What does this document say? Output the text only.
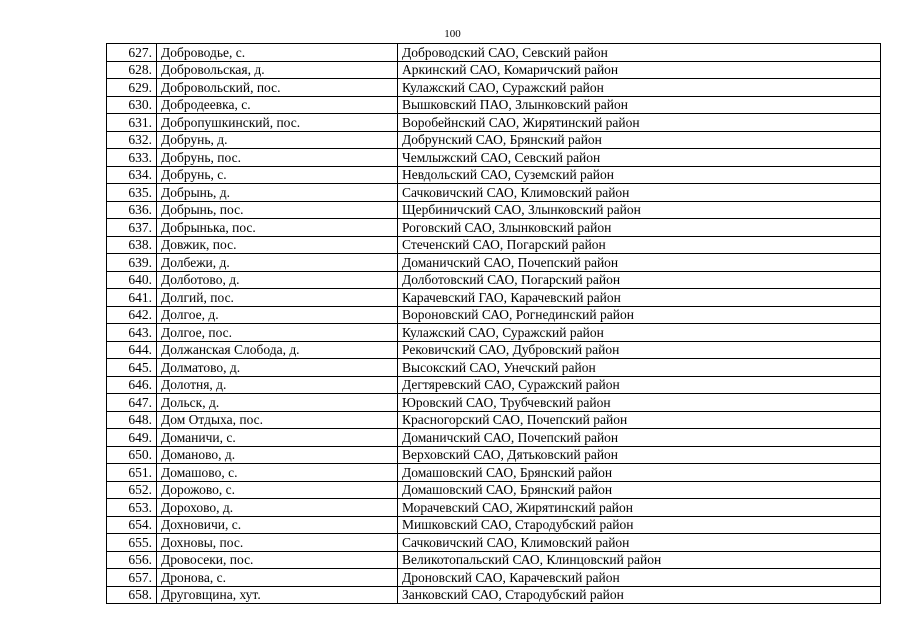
100
627.	Доброводье, с.	Доброводский САО, Севский район
628.	Добровольская, д.	Аркинский САО, Комаричский район
629.	Добровольский, пос.	Кулажский САО, Суражский район
630.	Добродеевка, с.	Вышковский ПАО, Злынковский район
631.	Добропушкинский, пос.	Воробейнский САО, Жирятинский район
632.	Добрунь, д.	Добрунский САО, Брянский район
633.	Добрунь, пос.	Чемлыжский САО, Севский район
634.	Добрунь, с.	Невдольский САО, Суземский район
635.	Добрынь, д.	Сачковичский САО, Климовский район
636.	Добрынь, пос.	Щербиничский САО, Злынковский район
637.	Добрынька, пос.	Роговский САО, Злынковский район
638.	Довжик, пос.	Стеченский САО, Погарский район
639.	Долбежи, д.	Доманичский САО, Почепский район
640.	Долботово, д.	Долботовский САО, Погарский район
641.	Долгий, пос.	Карачевский ГАО, Карачевский район
642.	Долгое, д.	Вороновский САО, Рогнединский район
643.	Долгое, пос.	Кулажский САО, Суражский район
644.	Должанская Слобода, д.	Рековичский САО, Дубровский район
645.	Долматово, д.	Высокский САО, Унечский район
646.	Долотня, д.	Дегтяревский САО, Суражский район
647.	Дольск, д.	Юровский САО, Трубчевский район
648.	Дом Отдыха, пос.	Красногорский САО, Почепский район
649.	Доманичи, с.	Доманичский САО, Почепский район
650.	Доманово, д.	Верховский САО, Дятьковский район
651.	Домашово, с.	Домашовский САО, Брянский район
652.	Дорожово, с.	Домашовский САО, Брянский район
653.	Дорохово, д.	Морачевский САО, Жирятинский район
654.	Дохновичи, с.	Мишковский САО, Стародубский район
655.	Дохновы, пос.	Сачковичский САО, Климовский район
656.	Дровосеки, пос.	Великотопальский САО, Клинцовский район
657.	Дронова, с.	Дроновский САО, Карачевский район
658.	Друговщина, хут.	Занковский САО, Стародубский район
